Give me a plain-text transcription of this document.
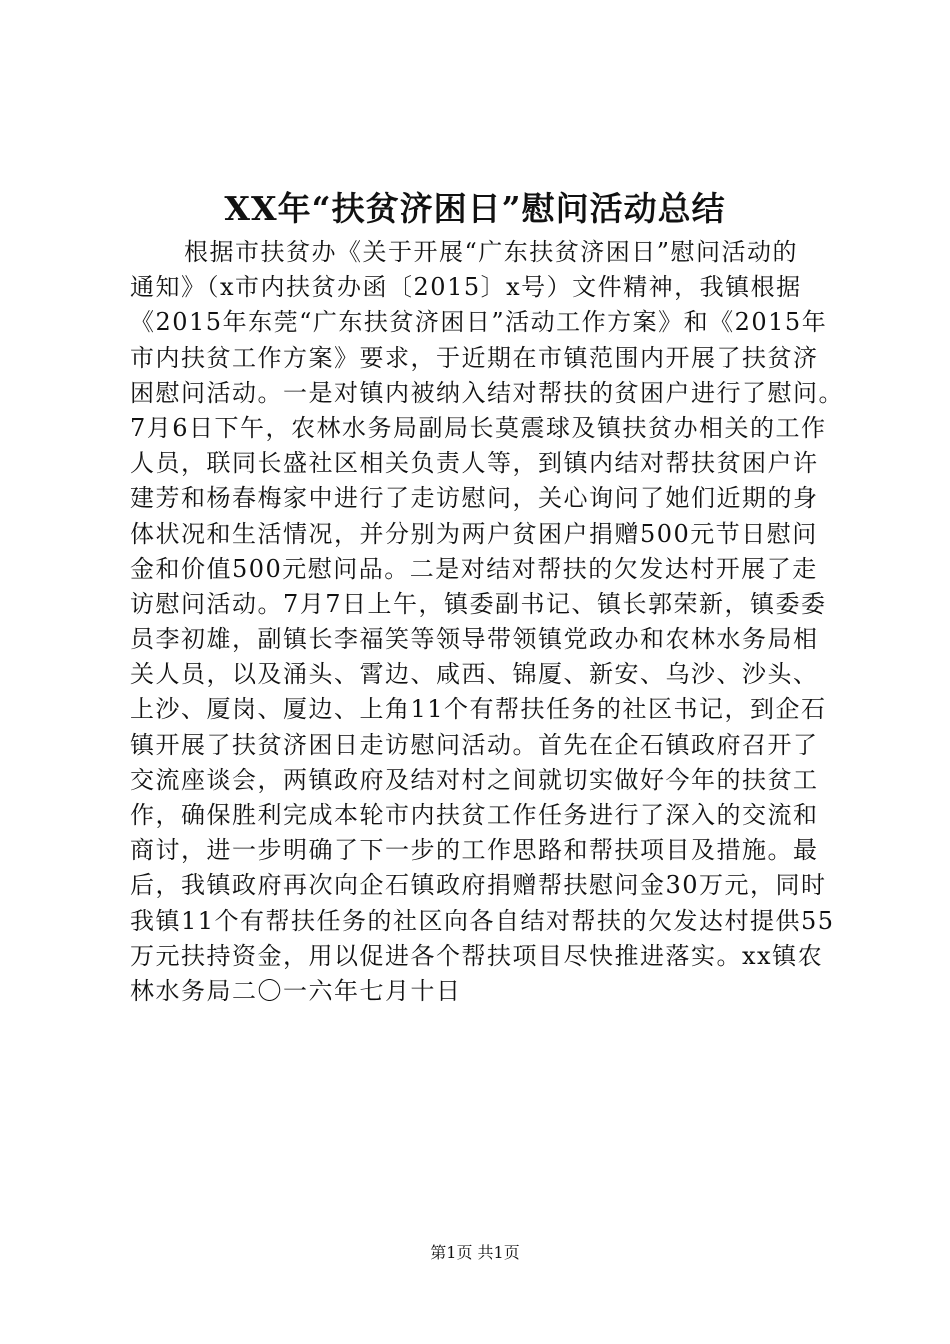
XX年“扶贫济困日”慰问活动总结
根据市扶贫办《关于开展“广东扶贫济困日”慰问活动的
通知》（x市内扶贫办函〔2015〕x号）文件精神，我镇根据
《2015年东莞“广东扶贫济困日”活动工作方案》和《2015年
市内扶贫工作方案》要求，于近期在市镇范围内开展了扶贫济
困慰问活动。一是对镇内被纳入结对帮扶的贫困户进行了慰问。
7月6日下午，农林水务局副局长莫震球及镇扶贫办相关的工作
人员，联同长盛社区相关负责人等，到镇内结对帮扶贫困户许
建芳和杨春梅家中进行了走访慰问，关心询问了她们近期的身
体状况和生活情况，并分别为两户贫困户捐赠500元节日慰问
金和价值500元慰问品。二是对结对帮扶的欠发达村开展了走
访慰问活动。7月7日上午，镇委副书记、镇长郭荣新，镇委委
员李初雄，副镇长李福笑等领导带领镇党政办和农林水务局相
关人员，以及涌头、霄边、咸西、锦厦、新安、乌沙、沙头、
上沙、厦岗、厦边、上角11个有帮扶任务的社区书记，到企石
镇开展了扶贫济困日走访慰问活动。首先在企石镇政府召开了
交流座谈会，两镇政府及结对村之间就切实做好今年的扶贫工
作，确保胜利完成本轮市内扶贫工作任务进行了深入的交流和
商讨，进一步明确了下一步的工作思路和帮扶项目及措施。最
后，我镇政府再次向企石镇政府捐赠帮扶慰问金30万元，同时
我镇11个有帮扶任务的社区向各自结对帮扶的欠发达村提供55
万元扶持资金，用以促进各个帮扶项目尽快推进落实。xx镇农
林水务局二〇一六年七月十日
第1页 共1页
